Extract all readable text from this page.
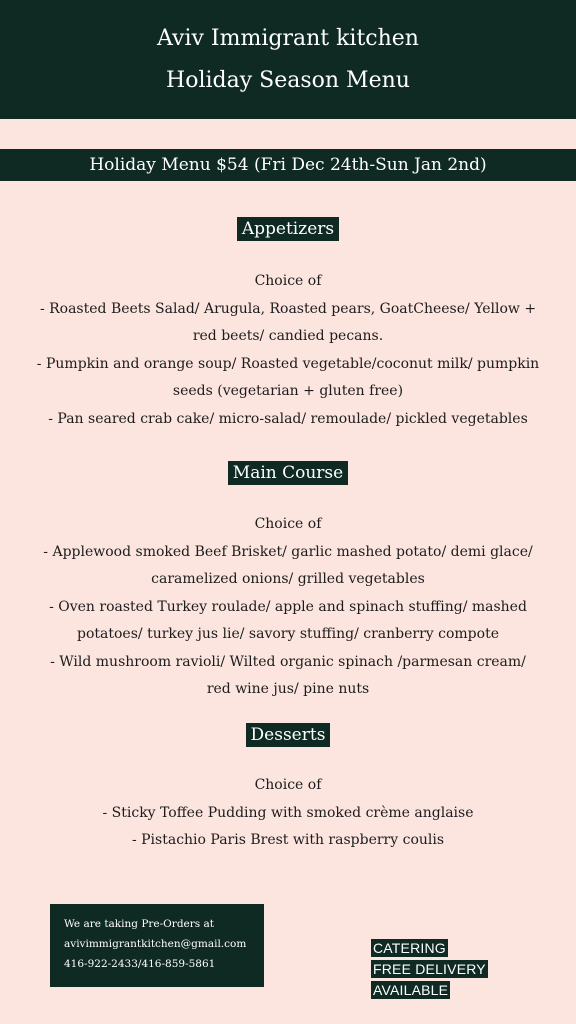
Aviv Immigrant kitchen
Holiday Season Menu
Holiday Menu $54 (Fri Dec 24th-Sun Jan 2nd)
Appetizers
Choice of
- Roasted Beets Salad/ Arugula, Roasted pears, GoatCheese/ Yellow +
red beets/ candied pecans.
- Pumpkin and orange soup/ Roasted vegetable/coconut milk/ pumpkin
seeds (vegetarian + gluten free)
- Pan seared crab cake/ micro-salad/ remoulade/ pickled vegetables
Main Course
Choice of
- Applewood smoked Beef Brisket/ garlic mashed potato/ demi glace/
caramelized onions/ grilled vegetables
- Oven roasted Turkey roulade/ apple and spinach stuffing/ mashed
potatoes/ turkey jus lie/ savory stuffing/ cranberry compote
- Wild mushroom ravioli/ Wilted organic spinach /parmesan cream/
red wine jus/ pine nuts
Desserts
Choice of
- Sticky Toffee Pudding with smoked crème anglaise
- Pistachio Paris Brest with raspberry coulis
We are taking Pre-Orders at
avivimmigrantkitchen@gmail.com
416-922-2433/416-859-5861
CATERING
FREE DELIVERY
AVAILABLE
